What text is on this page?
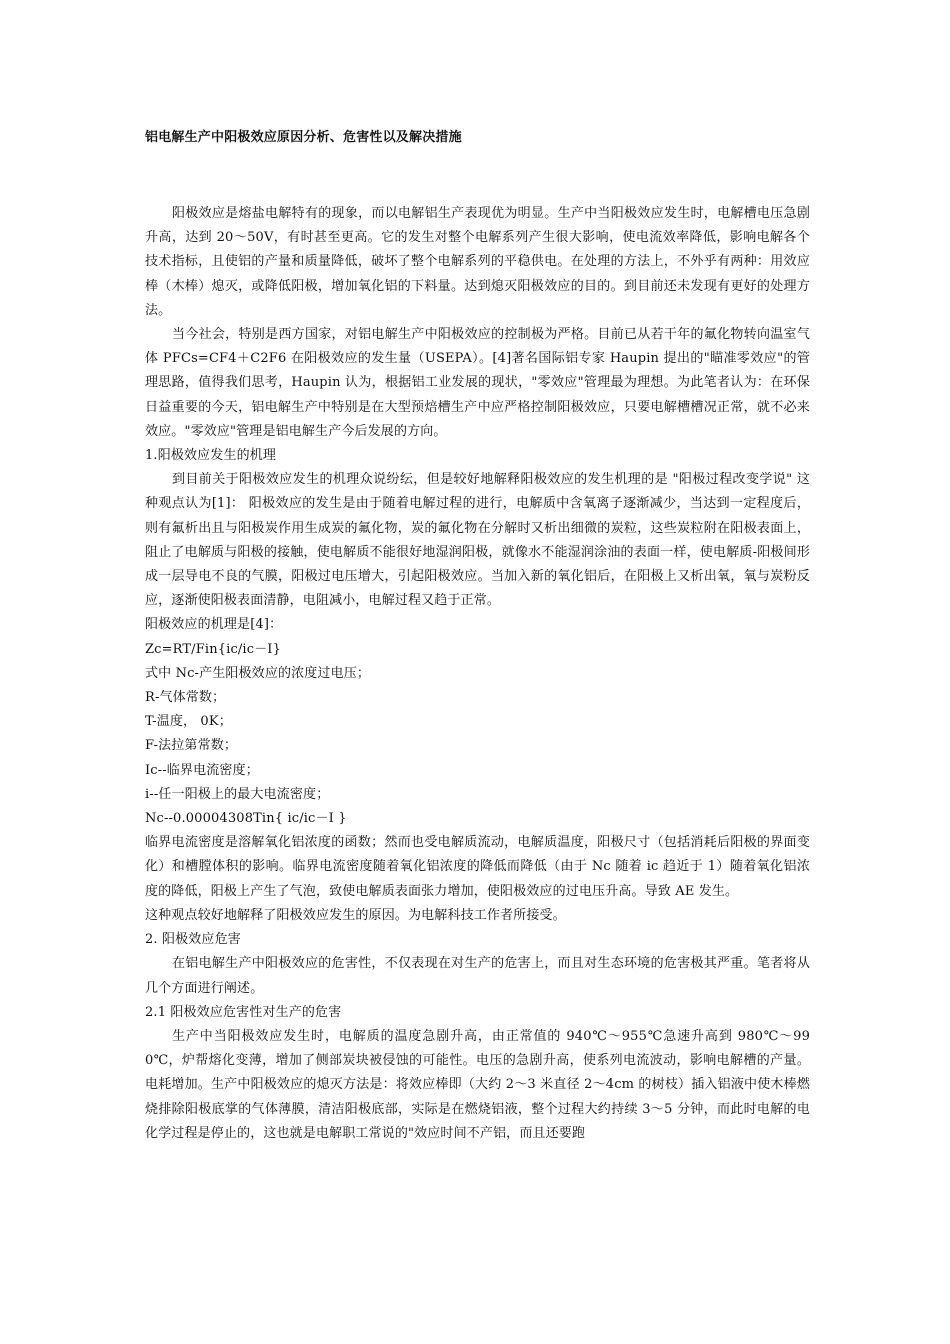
铝电解生产中阳极效应原因分析、危害性以及解决措施

阳极效应是熔盐电解特有的现象，而以电解铝生产表现优为明显。生产中当阳极效应发生时，电解槽电压急剧升高，达到 20～50V，有时甚至更高。它的发生对整个电解系列产生很大影响，使电流效率降低，影响电解各个技术指标，且使铝的产量和质量降低，破坏了整个电解系列的平稳供电。在处理的方法上，不外乎有两种：用效应棒（木棒）熄灭，或降低阳极，增加氧化铝的下料量。达到熄灭阳极效应的目的。到目前还未发现有更好的处理方法。

当今社会，特别是西方国家，对铝电解生产中阳极效应的控制极为严格。目前已从若干年的氟化物转向温室气体 PFCs=CF4＋C2F6 在阳极效应的发生量（USEPA）。[4]著名国际铝专家 Haupin 提出的"瞄准零效应"的管理思路，值得我们思考，Haupin 认为，根据铝工业发展的现状，"零效应"管理最为理想。为此笔者认为：在环保日益重要的今天，铝电解生产中特别是在大型预焙槽生产中应严格控制阳极效应，只要电解槽槽况正常，就不必来效应。"零效应"管理是铝电解生产今后发展的方向。

1.阳极效应发生的机理

到目前关于阳极效应发生的机理众说纷纭，但是较好地解释阳极效应的发生机理的是 "阳极过程改变学说" 这种观点认为[1]： 阳极效应的发生是由于随着电解过程的进行，电解质中含氧离子逐渐减少，当达到一定程度后，则有氟析出且与阳极炭作用生成炭的氟化物，炭的氟化物在分解时又析出细微的炭粒，这些炭粒附在阳极表面上，阻止了电解质与阳极的接触，使电解质不能很好地湿润阳极，就像水不能湿润涂油的表面一样，使电解质-阳极间形成一层导电不良的气膜，阳极过电压增大，引起阳极效应。当加入新的氧化铝后，在阳极上又析出氧，氧与炭粉反应，逐渐使阳极表面清静，电阻减小，电解过程又趋于正常。

阳极效应的机理是[4]：

Zc=RT/Fin{ic/ic－I}

式中 Nc-产生阳极效应的浓度过电压；

R-气体常数；

T-温度， 0K；

F-法拉第常数；

Ic--临界电流密度；

i--任一阳极上的最大电流密度；

Nc--0.00004308Tin{ ic/ic－I }

临界电流密度是溶解氧化铝浓度的函数；然而也受电解质流动，电解质温度，阳极尺寸（包括消耗后阳极的界面变化）和槽膛体积的影响。临界电流密度随着氧化铝浓度的降低而降低（由于 Nc 随着 ic 趋近于 1）随着氧化铝浓度的降低，阳极上产生了气泡，致使电解质表面张力增加，使阳极效应的过电压升高。导致 AE 发生。

这种观点较好地解释了阳极效应发生的原因。为电解科技工作者所接受。

2. 阳极效应危害

在铝电解生产中阳极效应的危害性，不仅表现在对生产的危害上，而且对生态环境的危害极其严重。笔者将从几个方面进行阐述。

2.1 阳极效应危害性对生产的危害

生产中当阳极效应发生时，电解质的温度急剧升高，由正常值的 940℃～955℃急速升高到 980℃～990℃，炉帮熔化变薄，增加了侧部炭块被侵蚀的可能性。电压的急剧升高，使系列电流波动，影响电解槽的产量。电耗增加。生产中阳极效应的熄灭方法是：将效应棒即（大约 2～3 米直径 2～4cm 的树枝）插入铝液中使木棒燃烧排除阳极底掌的气体薄膜，清洁阳极底部，实际是在燃烧铝液，整个过程大约持续 3～5 分钟，而此时电解的电化学过程是停止的，这也就是电解职工常说的"效应时间不产铝，而且还要跑
